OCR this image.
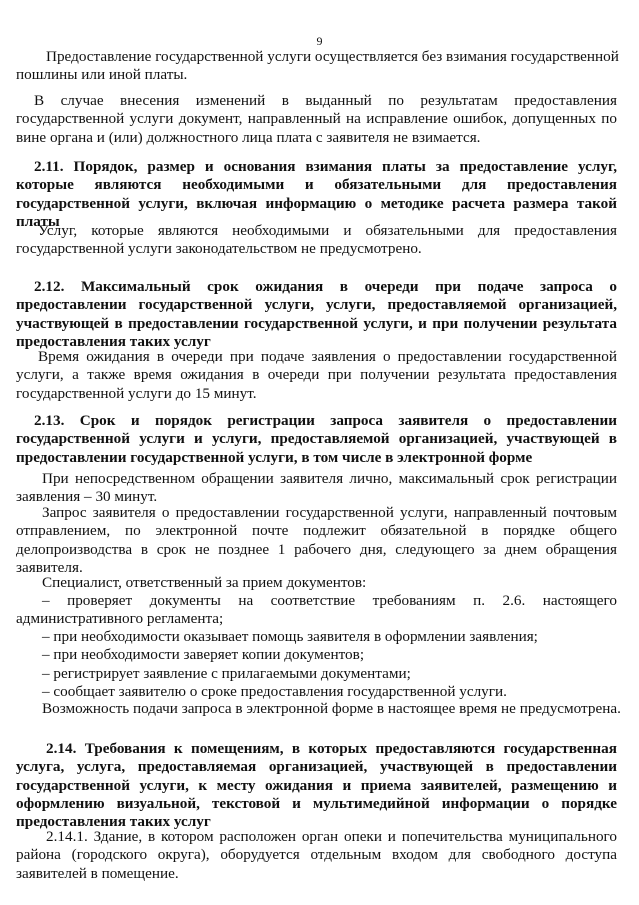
9

Предоставление государственной услуги осуществляется без взимания государственной
пошлины или иной платы.
В случае внесения изменений в выданный по результатам предоставления
государственной услуги документ, направленный на исправление ошибок, допущенных по
вине органа и (или) должностного лица плата с заявителя не взимается.
2.11. Порядок, размер и основания взимания платы за предоставление услуг,
которые являются необходимыми и обязательными для предоставления
государственной услуги, включая информацию о методике расчета размера такой
платы
Услуг, которые являются необходимыми и обязательными для предоставления
государственной услуги законодательством не предусмотрено.
2.12. Максимальный срок ожидания в очереди при подаче запроса о
предоставлении государственной услуги, услуги, предоставляемой организацией,
участвующей в предоставлении государственной услуги, и при получении результата
предоставления таких услуг
Время ожидания в очереди при подаче заявления о предоставлении государственной
услуги, а также время ожидания в очереди при получении результата предоставления
государственной услуги до 15 минут.
2.13. Срок и порядок регистрации запроса заявителя о предоставлении
государственной услуги и услуги, предоставляемой организацией, участвующей в
предоставлении государственной услуги, в том числе в электронной форме
При непосредственном обращении заявителя лично, максимальный срок регистрации
заявления – 30 минут.
Запрос заявителя о предоставлении государственной услуги, направленный почтовым
отправлением, по электронной почте подлежит обязательной в порядке общего
делопроизводства в срок не позднее 1 рабочего дня, следующего за днем обращения
заявителя.
Специалист, ответственный за прием документов:
– проверяет документы на соответствие требованиям п. 2.6. настоящего
административного регламента;
– при необходимости оказывает помощь заявителя в оформлении заявления;
– при необходимости заверяет копии документов;
– регистрирует заявление с прилагаемыми документами;
– сообщает заявителю о сроке предоставления государственной услуги.
Возможность подачи запроса в электронной форме в настоящее время не предусмотрена.
2.14. Требования к помещениям, в которых предоставляются государственная
услуга, услуга, предоставляемая организацией, участвующей в предоставлении
государственной услуги, к месту ожидания и приема заявителей, размещению и
оформлению визуальной, текстовой и мультимедийной информации о порядке
предоставления таких услуг
2.14.1. Здание, в котором расположен орган опеки и попечительства муниципального
района (городского округа), оборудуется отдельным входом для свободного доступа
заявителей в помещение.
